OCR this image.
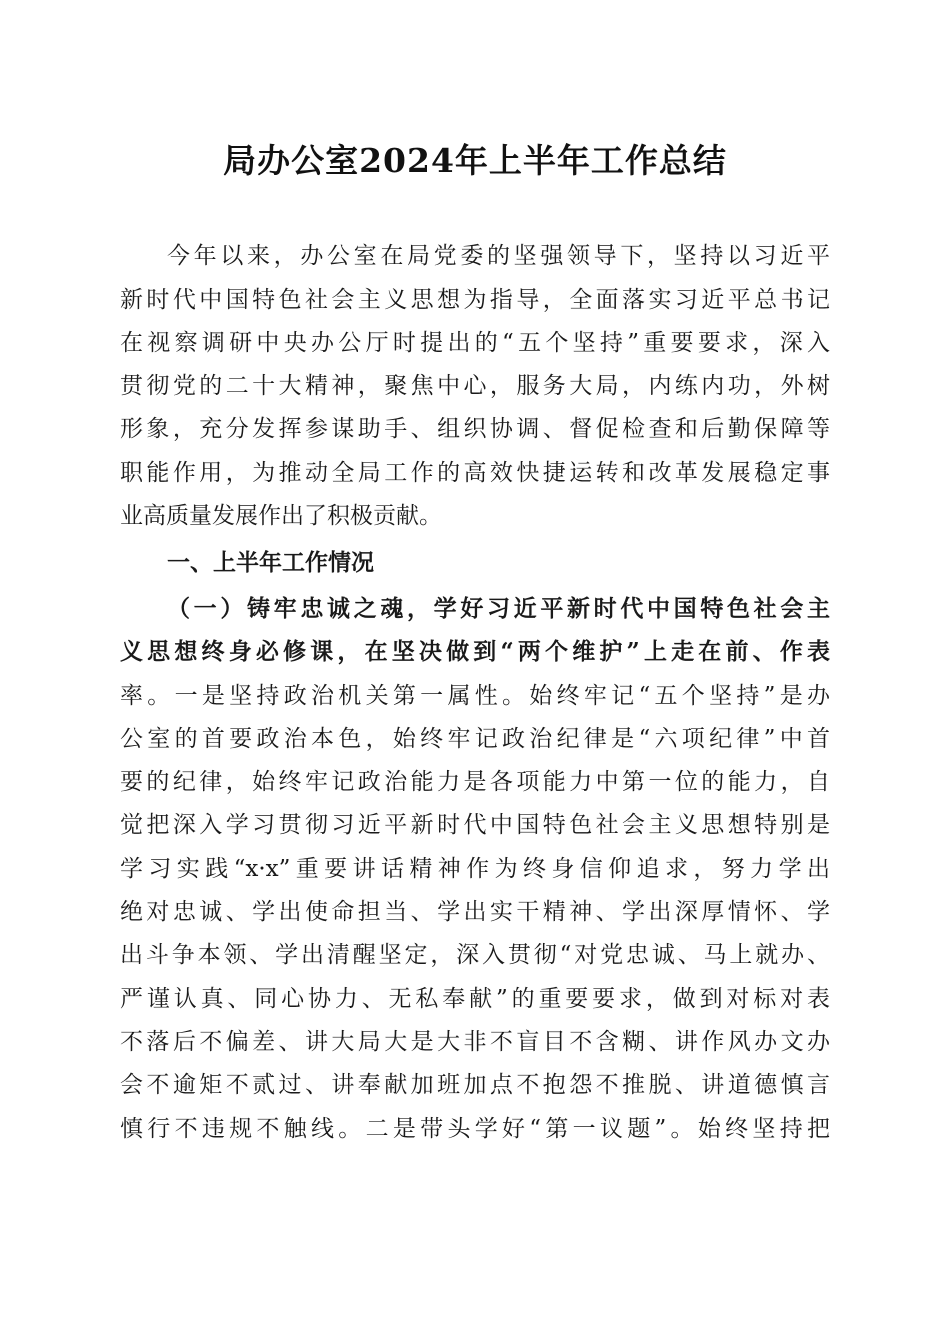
局办公室2024年上半年工作总结
今年以来，办公室在局党委的坚强领导下，坚持以习近平
新时代中国特色社会主义思想为指导，全面落实习近平总书记
在视察调研中央办公厅时提出的“五个坚持”重要要求，深入
贯彻党的二十大精神，聚焦中心，服务大局，内练内功，外树
形象，充分发挥参谋助手、组织协调、督促检查和后勤保障等
职能作用，为推动全局工作的高效快捷运转和改革发展稳定事
业高质量发展作出了积极贡献。
一、上半年工作情况
（一）铸牢忠诚之魂，学好习近平新时代中国特色社会主
义思想终身必修课，在坚决做到“两个维护”上走在前、作表
率。一是坚持政治机关第一属性。始终牢记“五个坚持”是办
公室的首要政治本色，始终牢记政治纪律是“六项纪律”中首
要的纪律，始终牢记政治能力是各项能力中第一位的能力，自
觉把深入学习贯彻习近平新时代中国特色社会主义思想特别是
学习实践“x·x”重要讲话精神作为终身信仰追求，努力学出
绝对忠诚、学出使命担当、学出实干精神、学出深厚情怀、学
出斗争本领、学出清醒坚定，深入贯彻“对党忠诚、马上就办、
严谨认真、同心协力、无私奉献”的重要要求，做到对标对表
不落后不偏差、讲大局大是大非不盲目不含糊、讲作风办文办
会不逾矩不贰过、讲奉献加班加点不抱怨不推脱、讲道德慎言
慎行不违规不触线。二是带头学好“第一议题”。始终坚持把
